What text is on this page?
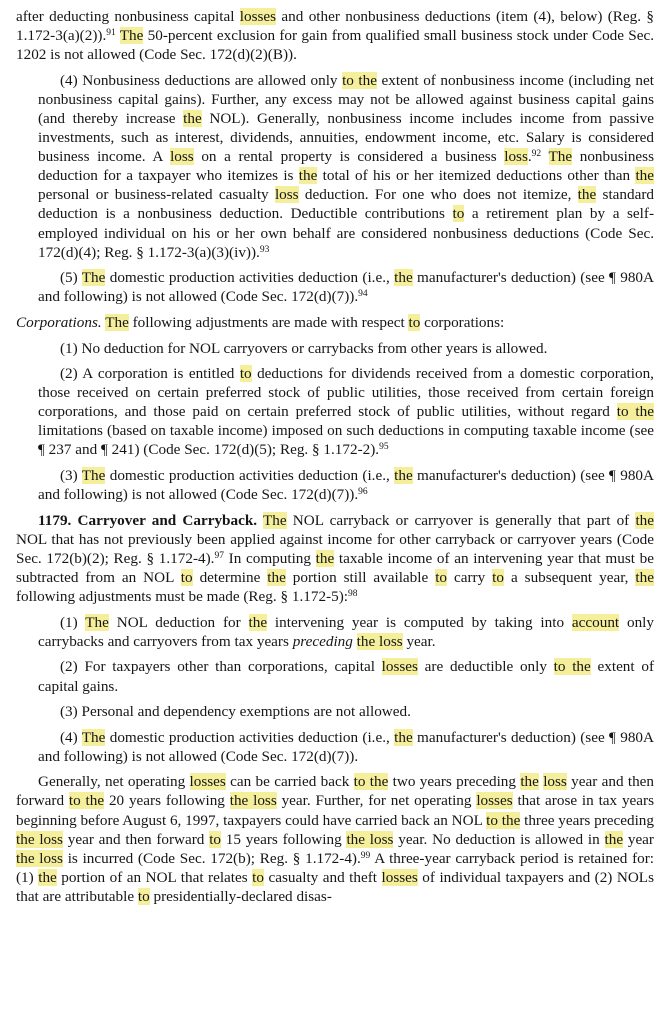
after deducting nonbusiness capital losses and other nonbusiness deductions (item (4), below) (Reg. § 1.172-3(a)(2)).$^{91}$ The 50-percent exclusion for gain from qualified small business stock under Code Sec. 1202 is not allowed (Code Sec. 172(d)(2)(B)).

(4) Nonbusiness deductions are allowed only to the extent of nonbusiness income (including net nonbusiness capital gains). Further, any excess may not be allowed against business capital gains (and thereby increase the NOL). Generally, nonbusiness income includes income from passive investments, such as interest, dividends, annuities, endowment income, etc. Salary is considered business income. A loss on a rental property is considered a business loss.$^{92}$ The nonbusiness deduction for a taxpayer who itemizes is the total of his or her itemized deductions other than the personal or business-related casualty loss deduction. For one who does not itemize, the standard deduction is a nonbusiness deduction. Deductible contributions to a retirement plan by a self-employed individual on his or her own behalf are considered nonbusiness deductions (Code Sec. 172(d)(4); Reg. § 1.172-3(a)(3)(iv)).$^{93}$

(5) The domestic production activities deduction (i.e., the manufacturer's deduction) (see ¶ 980A and following) is not allowed (Code Sec. 172(d)(7)).$^{94}$

Corporations. The following adjustments are made with respect to corporations:

(1) No deduction for NOL carryovers or carrybacks from other years is allowed.

(2) A corporation is entitled to deductions for dividends received from a domestic corporation, those received on certain preferred stock of public utilities, those received from certain foreign corporations, and those paid on certain preferred stock of public utilities, without regard to the limitations (based on taxable income) imposed on such deductions in computing taxable income (see ¶ 237 and ¶ 241) (Code Sec. 172(d)(5); Reg. § 1.172-2).$^{95}$

(3) The domestic production activities deduction (i.e., the manufacturer's deduction) (see ¶ 980A and following) is not allowed (Code Sec. 172(d)(7)).$^{96}$

1179. Carryover and Carryback. The NOL carryback or carryover is generally that part of the NOL that has not previously been applied against income for other carryback or carryover years (Code Sec. 172(b)(2); Reg. § 1.172-4).$^{97}$ In computing the taxable income of an intervening year that must be subtracted from an NOL to determine the portion still available to carry to a subsequent year, the following adjustments must be made (Reg. § 1.172-5):$^{98}$

(1) The NOL deduction for the intervening year is computed by taking into account only carrybacks and carryovers from tax years preceding the loss year.

(2) For taxpayers other than corporations, capital losses are deductible only to the extent of capital gains.

(3) Personal and dependency exemptions are not allowed.

(4) The domestic production activities deduction (i.e., the manufacturer's deduction) (see ¶ 980A and following) is not allowed (Code Sec. 172(d)(7)).

Generally, net operating losses can be carried back to the two years preceding the loss year and then forward to the 20 years following the loss year. Further, for net operating losses that arose in tax years beginning before August 6, 1997, taxpayers could have carried back an NOL to the three years preceding the loss year and then forward to 15 years following the loss year. No deduction is allowed in the year the loss is incurred (Code Sec. 172(b); Reg. § 1.172-4).$^{99}$ A three-year carryback period is retained for: (1) the portion of an NOL that relates to casualty and theft losses of individual taxpayers and (2) NOLs that are attributable to presidentially-declared disas-
